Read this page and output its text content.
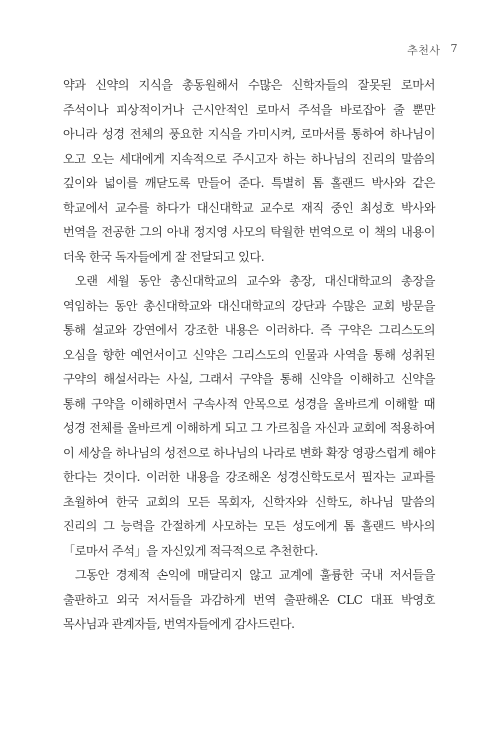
추천사 7

약과 신약의 지식을 총동원해서 수많은 신학자들의 잘못된 로마서 주석이나 피상적이거나 근시안적인 로마서 주석을 바로잡아 줄 뿐만 아니라 성경 전체의 풍요한 지식을 가미시켜, 로마서를 통하여 하나님이 오고 오는 세대에게 지속적으로 주시고자 하는 하나님의 진리의 말씀의 깊이와 넓이를 깨닫도록 만들어 준다. 특별히 톰 홀랜드 박사와 같은 학교에서 교수를 하다가 대신대학교 교수로 재직 중인 최성호 박사와 번역을 전공한 그의 아내 정지영 사모의 탁월한 번역으로 이 책의 내용이 더욱 한국 독자들에게 잘 전달되고 있다.

오랜 세월 동안 총신대학교의 교수와 총장, 대신대학교의 총장을 역임하는 동안 총신대학교와 대신대학교의 강단과 수많은 교회 방문을 통해 설교와 강연에서 강조한 내용은 이러하다. 즉 구약은 그리스도의 오심을 향한 예언서이고 신약은 그리스도의 인물과 사역을 통해 성취된 구약의 해설서라는 사실, 그래서 구약을 통해 신약을 이해하고 신약을 통해 구약을 이해하면서 구속사적 안목으로 성경을 올바르게 이해할 때 성경 전체를 올바르게 이해하게 되고 그 가르침을 자신과 교회에 적용하여 이 세상을 하나님의 성전으로 하나님의 나라로 변화 확장 영광스럽게 해야 한다는 것이다. 이러한 내용을 강조해온 성경신학도로서 필자는 교파를 초월하여 한국 교회의 모든 목회자, 신학자와 신학도, 하나님 말씀의 진리의 그 능력을 간절하게 사모하는 모든 성도에게 톰 홀랜드 박사의 「로마서 주석」을 자신있게 적극적으로 추천한다.

그동안 경제적 손익에 매달리지 않고 교계에 훌륭한 국내 저서들을 출판하고 외국 저서들을 과감하게 번역 출판해온 CLC 대표 박영호 목사님과 관계자들, 번역자들에게 감사드린다.
